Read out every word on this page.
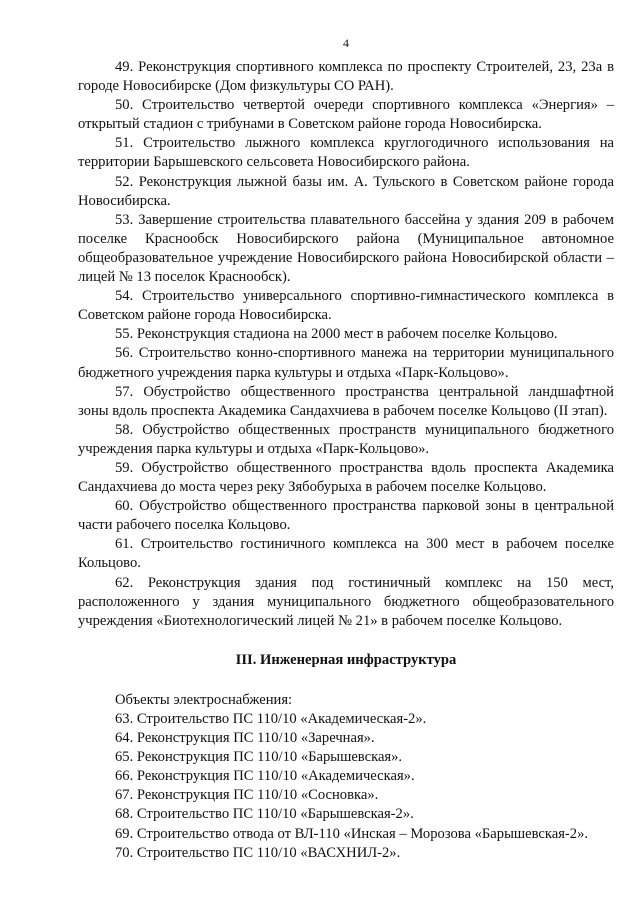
4

49. Реконструкция спортивного комплекса по проспекту Строителей, 23, 23а в городе Новосибирске (Дом физкультуры СО РАН).

50. Строительство четвертой очереди спортивного комплекса «Энергия» – открытый стадион с трибунами в Советском районе города Новосибирска.

51. Строительство лыжного комплекса круглогодичного использования на территории Барышевского сельсовета Новосибирского района.

52. Реконструкция лыжной базы им. А. Тульского в Советском районе города Новосибирска.

53. Завершение строительства плавательного бассейна у здания 209 в рабочем поселке Краснообск Новосибирского района (Муниципальное автономное общеобразовательное учреждение Новосибирского района Новосибирской области – лицей № 13 поселок Краснообск).

54. Строительство универсального спортивно-гимнастического комплекса в Советском районе города Новосибирска.

55. Реконструкция стадиона на 2000 мест в рабочем поселке Кольцово.

56. Строительство конно-спортивного манежа на территории муниципального бюджетного учреждения парка культуры и отдыха «Парк-Кольцово».

57. Обустройство общественного пространства центральной ландшафтной зоны вдоль проспекта Академика Сандахчиева в рабочем поселке Кольцово (II этап).

58. Обустройство общественных пространств муниципального бюджетного учреждения парка культуры и отдыха «Парк-Кольцово».

59. Обустройство общественного пространства вдоль проспекта Академика Сандахчиева до моста через реку Зябобурыха в рабочем поселке Кольцово.

60. Обустройство общественного пространства парковой зоны в центральной части рабочего поселка Кольцово.

61. Строительство гостиничного комплекса на 300 мест в рабочем поселке Кольцово.

62. Реконструкция здания под гостиничный комплекс на 150 мест, расположенного у здания муниципального бюджетного общеобразовательного учреждения «Биотехнологический лицей № 21» в рабочем поселке Кольцово.

III. Инженерная инфраструктура

Объекты электроснабжения:

63. Строительство ПС 110/10 «Академическая-2».

64. Реконструкция ПС 110/10 «Заречная».

65. Реконструкция ПС 110/10 «Барышевская».

66. Реконструкция ПС 110/10 «Академическая».

67. Реконструкция ПС 110/10 «Сосновка».

68. Строительство ПС 110/10 «Барышевская-2».

69. Строительство отвода от ВЛ-110 «Инская – Морозова «Барышевская-2».

70. Строительство ПС 110/10 «ВАСХНИЛ-2».
